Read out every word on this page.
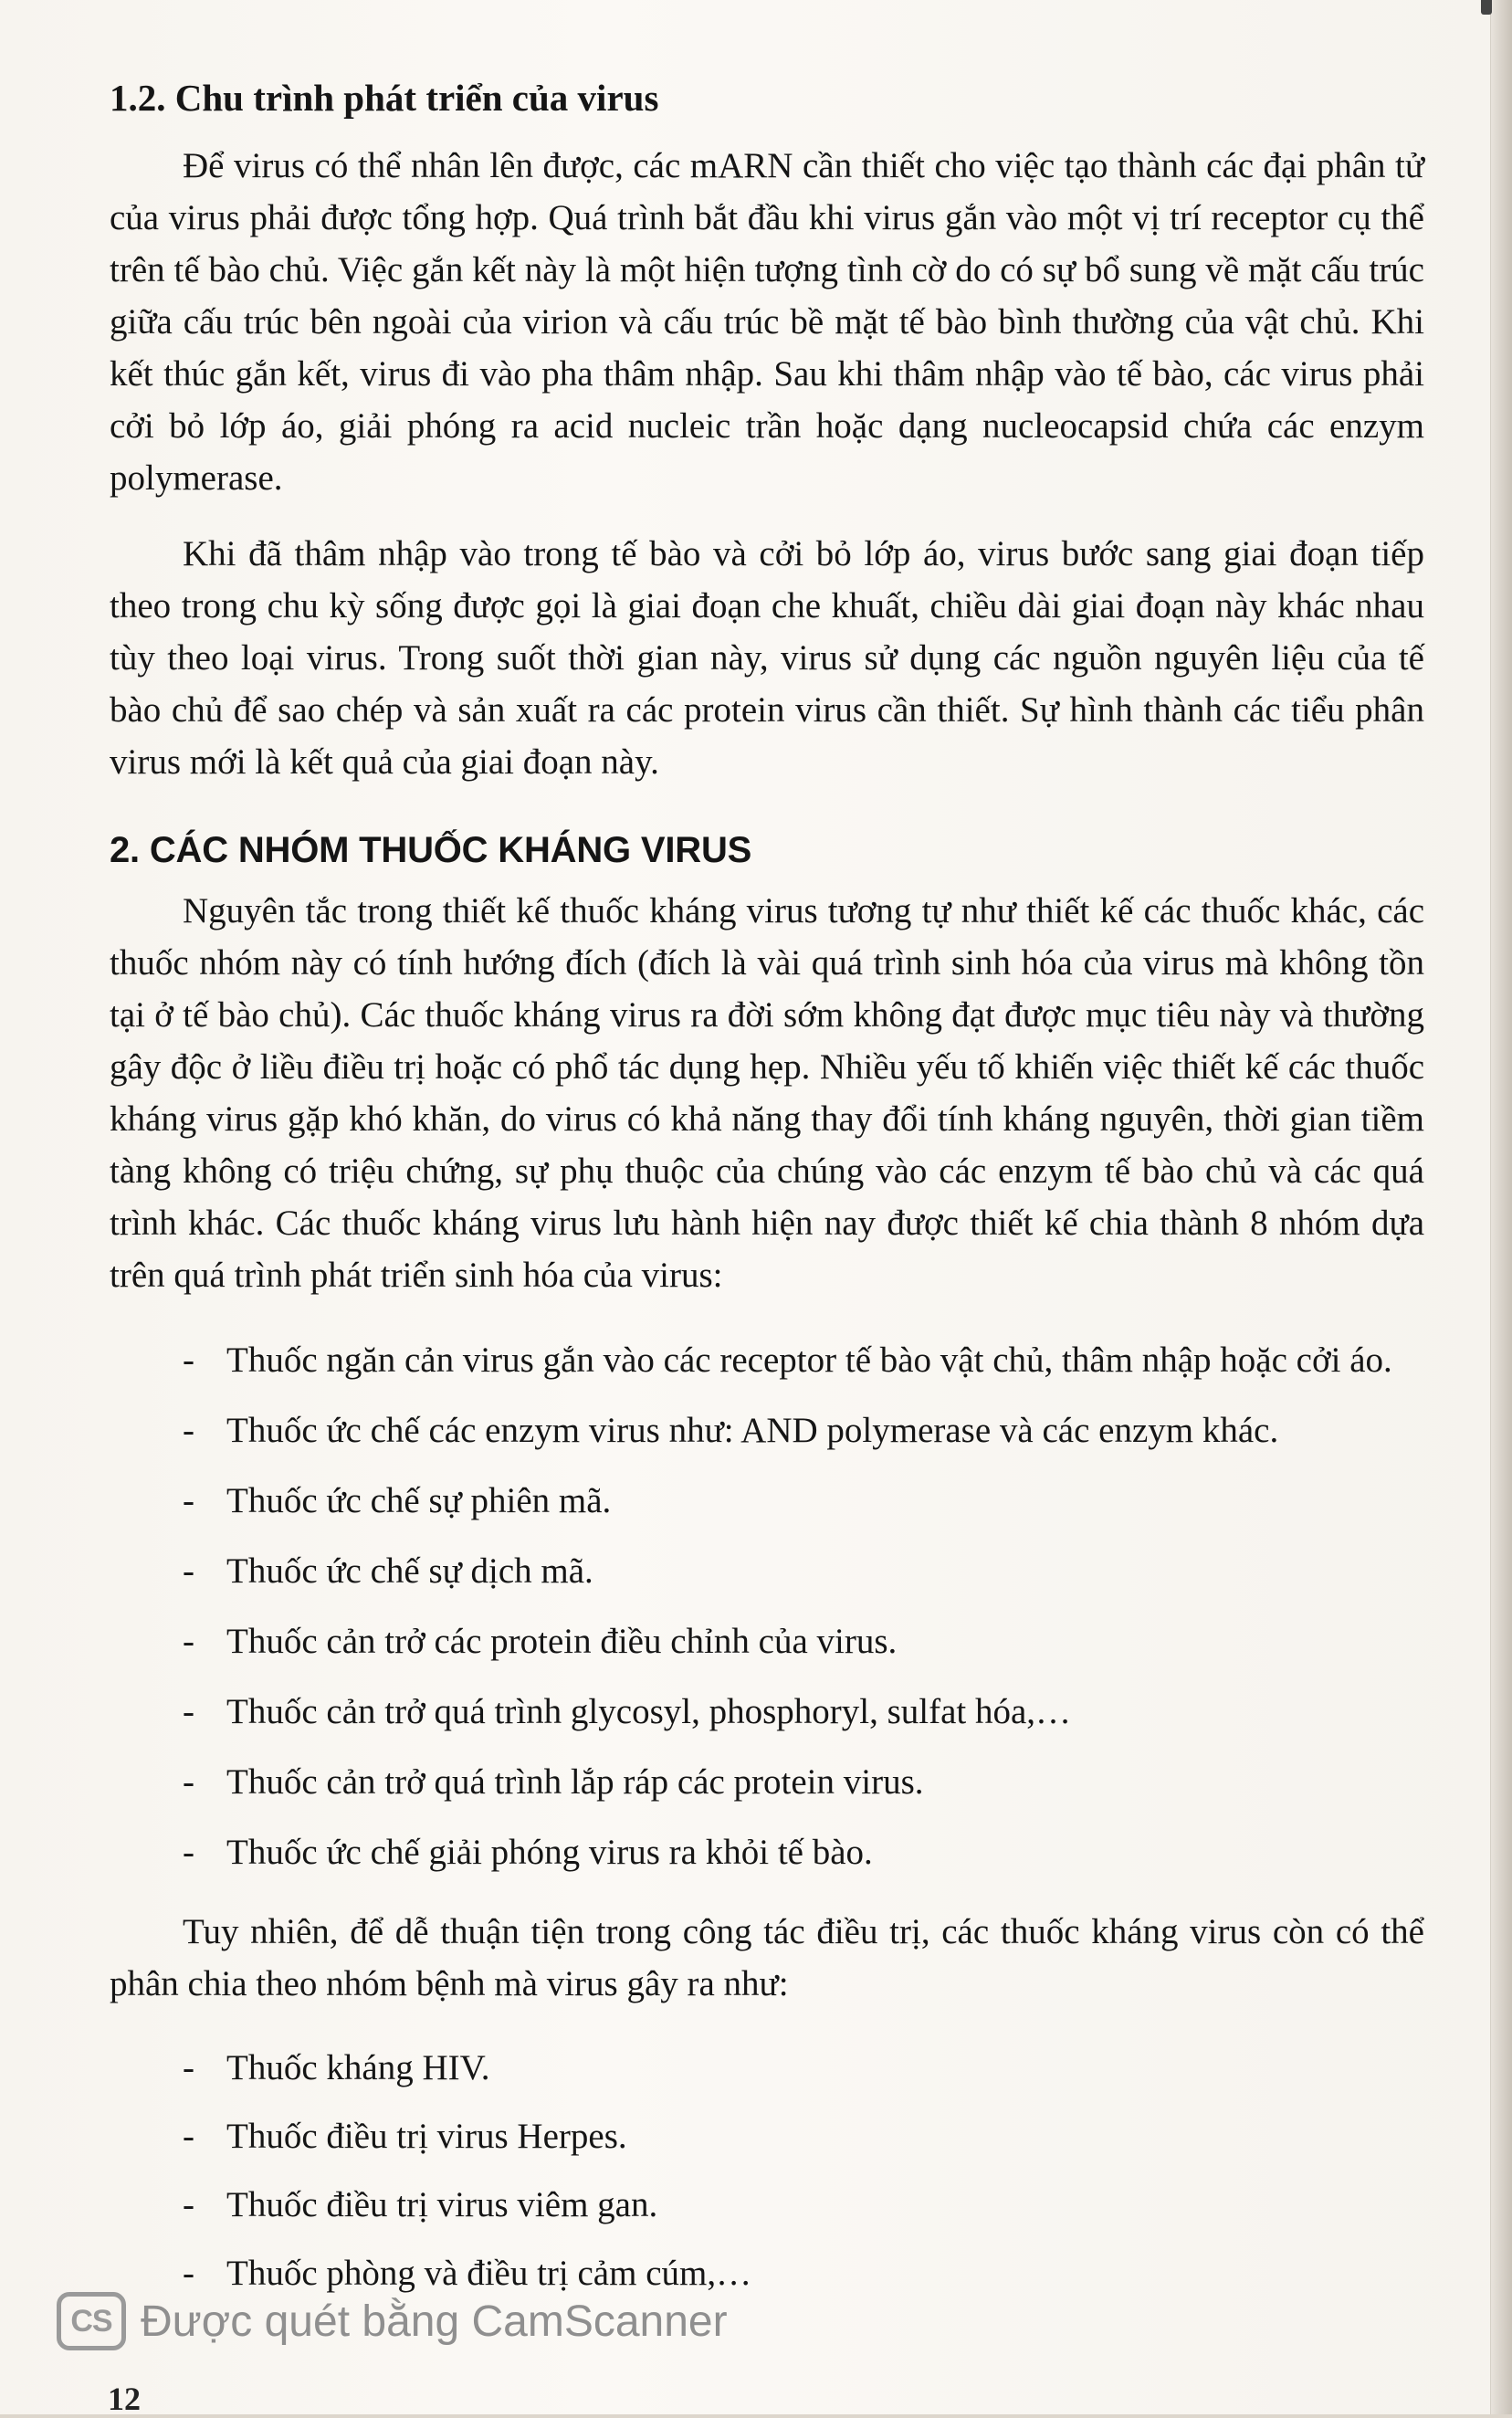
1.2. Chu trình phát triển của virus

Để virus có thể nhân lên được, các mARN cần thiết cho việc tạo thành các đại phân tử của virus phải được tổng hợp. Quá trình bắt đầu khi virus gắn vào một vị trí receptor cụ thể trên tế bào chủ. Việc gắn kết này là một hiện tượng tình cờ do có sự bổ sung về mặt cấu trúc giữa cấu trúc bên ngoài của virion và cấu trúc bề mặt tế bào bình thường của vật chủ. Khi kết thúc gắn kết, virus đi vào pha thâm nhập. Sau khi thâm nhập vào tế bào, các virus phải cởi bỏ lớp áo, giải phóng ra acid nucleic trần hoặc dạng nucleocapsid chứa các enzym polymerase.

Khi đã thâm nhập vào trong tế bào và cởi bỏ lớp áo, virus bước sang giai đoạn tiếp theo trong chu kỳ sống được gọi là giai đoạn che khuất, chiều dài giai đoạn này khác nhau tùy theo loại virus. Trong suốt thời gian này, virus sử dụng các nguồn nguyên liệu của tế bào chủ để sao chép và sản xuất ra các protein virus cần thiết. Sự hình thành các tiểu phân virus mới là kết quả của giai đoạn này.

2. CÁC NHÓM THUỐC KHÁNG VIRUS

Nguyên tắc trong thiết kế thuốc kháng virus tương tự như thiết kế các thuốc khác, các thuốc nhóm này có tính hướng đích (đích là vài quá trình sinh hóa của virus mà không tồn tại ở tế bào chủ). Các thuốc kháng virus ra đời sớm không đạt được mục tiêu này và thường gây độc ở liều điều trị hoặc có phổ tác dụng hẹp. Nhiều yếu tố khiến việc thiết kế các thuốc kháng virus gặp khó khăn, do virus có khả năng thay đổi tính kháng nguyên, thời gian tiềm tàng không có triệu chứng, sự phụ thuộc của chúng vào các enzym tế bào chủ và các quá trình khác. Các thuốc kháng virus lưu hành hiện nay được thiết kế chia thành 8 nhóm dựa trên quá trình phát triển sinh hóa của virus:

- Thuốc ngăn cản virus gắn vào các receptor tế bào vật chủ, thâm nhập hoặc cởi áo.
- Thuốc ức chế các enzym virus như: AND polymerase và các enzym khác.
- Thuốc ức chế sự phiên mã.
- Thuốc ức chế sự dịch mã.
- Thuốc cản trở các protein điều chỉnh của virus.
- Thuốc cản trở quá trình glycosyl, phosphoryl, sulfat hóa,…
- Thuốc cản trở quá trình lắp ráp các protein virus.
- Thuốc ức chế giải phóng virus ra khỏi tế bào.

Tuy nhiên, để dễ thuận tiện trong công tác điều trị, các thuốc kháng virus còn có thể phân chia theo nhóm bệnh mà virus gây ra như:

- Thuốc kháng HIV.
- Thuốc điều trị virus Herpes.
- Thuốc điều trị virus viêm gan.
- Thuốc phòng và điều trị cảm cúm,…
CS Được quét bằng CamScanner
12
